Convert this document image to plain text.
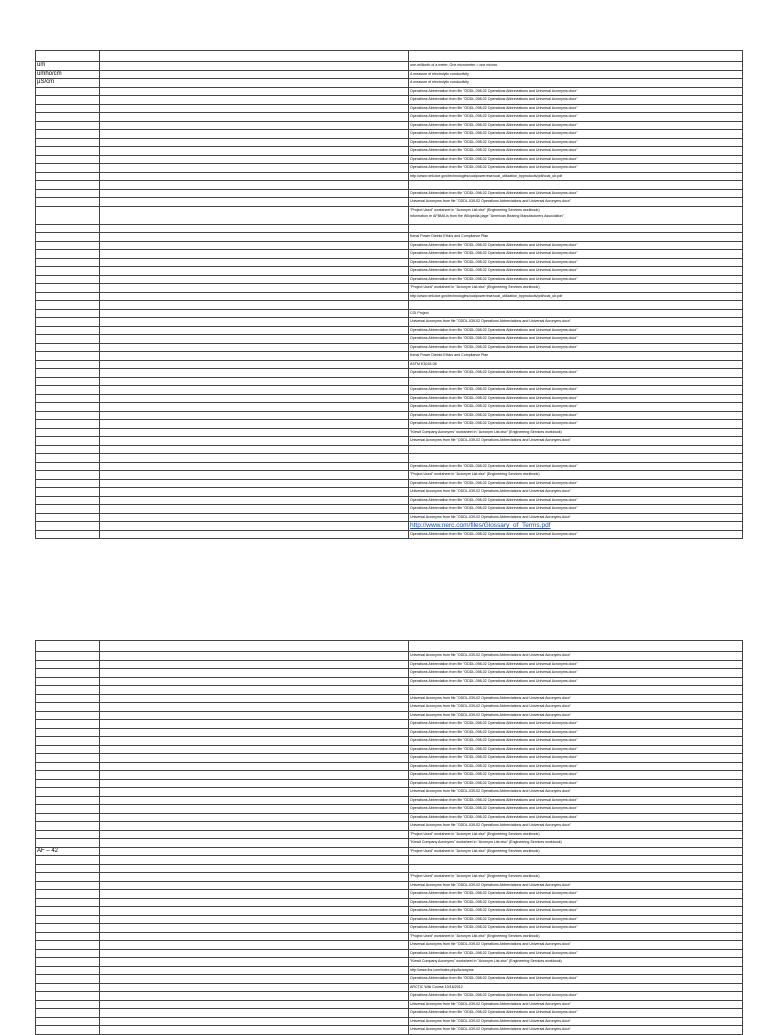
um		one-millionth of a meter; One micrometer = one micron.
umho/cm		A measure of electrolytic conductivity
µS/cm		A measure of electrolytic conductivity
		Operations Abbreviation from file "ODDL-098-02 Operations Abbreviations and Universal Acronyms.docx"
		Operations Abbreviation from file "ODDL-098-02 Operations Abbreviations and Universal Acronyms.docx"
		Operations Abbreviation from file "ODDL-098-02 Operations Abbreviations and Universal Acronyms.docx"
		Operations Abbreviation from file "ODDL-098-02 Operations Abbreviations and Universal Acronyms.docx"
		Operations Abbreviation from file "ODDL-098-02 Operations Abbreviations and Universal Acronyms.docx"
		Operations Abbreviation from file "ODDL-098-02 Operations Abbreviations and Universal Acronyms.docx"
		Operations Abbreviation from file "ODDL-098-02 Operations Abbreviations and Universal Acronyms.docx"
		Operations Abbreviation from file "ODDL-098-02 Operations Abbreviations and Universal Acronyms.docx"
		Operations Abbreviation from file "ODDL-098-02 Operations Abbreviations and Universal Acronyms.docx"
		Operations Abbreviation from file "ODDL-098-02 Operations Abbreviations and Universal Acronyms.docx"
		http://www.netl.doe.gov/technologies/coalpower/ewr/coal_utilization_byproducts/pdf/coal_ub.pdf

		Operations Abbreviation from file "ODDL-098-02 Operations Abbreviations and Universal Acronyms.docx"
		Universal Acronyms from file "ODDL-039-02 Operations Abbreviations and Universal Acronyms.docx"

		"Project Used" worksheet in "Acronym List.xlsx" (Engineering Services workbook)
Information re AFBMA is from the Wikipedia page "American Bearing Manufacturers Association"

		Kenai Power District Ethics and Compliance Plan
		Operations Abbreviation from file "ODDL-098-02 Operations Abbreviations and Universal Acronyms.docx"
		Operations Abbreviation from file "ODDL-098-02 Operations Abbreviations and Universal Acronyms.docx"
		Operations Abbreviation from file "ODDL-098-02 Operations Abbreviations and Universal Acronyms.docx"
		Operations Abbreviation from file "ODDL-098-02 Operations Abbreviations and Universal Acronyms.docx"
		Operations Abbreviation from file "ODDL-098-02 Operations Abbreviations and Universal Acronyms.docx"
		"Project Used" worksheet in "Acronym List.xlsx" (Engineering Services workbook)
		http://www.netl.doe.gov/technologies/coalpower/ewr/coal_utilization_byproducts/pdf/coal_ub.pdf

		CGI Project
		Universal Acronyms from file "ODDL-039-02 Operations Abbreviations and Universal Acronyms.docx"
		Operations Abbreviation from file "ODDL-098-02 Operations Abbreviations and Universal Acronyms.docx"
		Operations Abbreviation from file "ODDL-098-02 Operations Abbreviations and Universal Acronyms.docx"
		Operations Abbreviation from file "ODDL-098-02 Operations Abbreviations and Universal Acronyms.docx"
		Kenai Power District Ethics and Compliance Plan
		ASTM E3018-08
		Operations Abbreviation from file "ODDL-098-02 Operations Abbreviations and Universal Acronyms.docx"

		Operations Abbreviation from file "ODDL-098-02 Operations Abbreviations and Universal Acronyms.docx"
		Operations Abbreviation from file "ODDL-098-02 Operations Abbreviations and Universal Acronyms.docx"
		Operations Abbreviation from file "ODDL-098-02 Operations Abbreviations and Universal Acronyms.docx"
		Operations Abbreviation from file "ODDL-098-02 Operations Abbreviations and Universal Acronyms.docx"
		Operations Abbreviation from file "ODDL-098-02 Operations Abbreviations and Universal Acronyms.docx"
		"Kiewit Company Acronyms" worksheet in "Acronym List.xlsx" (Engineering Services workbook)
		Universal Acronyms from file "ODDL-039-02 Operations Abbreviations and Universal Acronyms.docx"

		Operations Abbreviation from file "ODDL-098-02 Operations Abbreviations and Universal Acronyms.docx"
		"Project Used" worksheet in "Acronym List.xlsx" (Engineering Services workbook)
		Operations Abbreviation from file "ODDL-098-02 Operations Abbreviations and Universal Acronyms.docx"
		Universal Acronyms from file "ODDL-039-02 Operations Abbreviations and Universal Acronyms.docx"
		Operations Abbreviation from file "ODDL-098-02 Operations Abbreviations and Universal Acronyms.docx"
		Operations Abbreviation from file "ODDL-098-02 Operations Abbreviations and Universal Acronyms.docx"
		Universal Acronyms from file "ODDL-039-02 Operations Abbreviations and Universal Acronyms.docx"
		http://www.nerc.com/files/Glossary_of_Terms.pdf
		Operations Abbreviation from file "ODDL-098-02 Operations Abbreviations and Universal Acronyms.docx"

		Universal Acronyms from file "ODDL-039-02 Operations Abbreviations and Universal Acronyms.docx"
		Operations Abbreviation from file "ODDL-098-02 Operations Abbreviations and Universal Acronyms.docx"
		Operations Abbreviation from file "ODDL-098-02 Operations Abbreviations and Universal Acronyms.docx"
		Operations Abbreviation from file "ODDL-098-02 Operations Abbreviations and Universal Acronyms.docx"

		Universal Acronyms from file "ODDL-039-02 Operations Abbreviations and Universal Acronyms.docx"
		Universal Acronyms from file "ODDL-039-02 Operations Abbreviations and Universal Acronyms.docx"
		Universal Acronyms from file "ODDL-039-02 Operations Abbreviations and Universal Acronyms.docx"
		Operations Abbreviation from file "ODDL-098-02 Operations Abbreviations and Universal Acronyms.docx"
		Operations Abbreviation from file "ODDL-098-02 Operations Abbreviations and Universal Acronyms.docx"
		Operations Abbreviation from file "ODDL-098-02 Operations Abbreviations and Universal Acronyms.docx"
		Operations Abbreviation from file "ODDL-098-02 Operations Abbreviations and Universal Acronyms.docx"
		Operations Abbreviation from file "ODDL-098-02 Operations Abbreviations and Universal Acronyms.docx"
		Operations Abbreviation from file "ODDL-098-02 Operations Abbreviations and Universal Acronyms.docx"
		Operations Abbreviation from file "ODDL-098-02 Operations Abbreviations and Universal Acronyms.docx"
		Operations Abbreviation from file "ODDL-098-02 Operations Abbreviations and Universal Acronyms.docx"
		Universal Acronyms from file "ODDL-039-02 Operations Abbreviations and Universal Acronyms.docx"
		Operations Abbreviation from file "ODDL-098-02 Operations Abbreviations and Universal Acronyms.docx"
		Operations Abbreviation from file "ODDL-098-02 Operations Abbreviations and Universal Acronyms.docx"
		Operations Abbreviation from file "ODDL-098-02 Operations Abbreviations and Universal Acronyms.docx"
		Universal Acronyms from file "ODDL-039-02 Operations Abbreviations and Universal Acronyms.docx"
		"Project Used" worksheet in "Acronym List.xlsx" (Engineering Services workbook)
		"Kiewit Company Acronyms" worksheet in "Acronym List.xlsx" (Engineering Services workbook)
AF – 42		"Project Used" worksheet in "Acronym List.xlsx" (Engineering Services workbook)

		"Project Used" worksheet in "Acronym List.xlsx" (Engineering Services workbook)
		Universal Acronyms from file "ODDL-039-02 Operations Abbreviations and Universal Acronyms.docx"
		Operations Abbreviation from file "ODDL-098-02 Operations Abbreviations and Universal Acronyms.docx"
		Operations Abbreviation from file "ODDL-098-02 Operations Abbreviations and Universal Acronyms.docx"
		Operations Abbreviation from file "ODDL-098-02 Operations Abbreviations and Universal Acronyms.docx"
		Operations Abbreviation from file "ODDL-098-02 Operations Abbreviations and Universal Acronyms.docx"
		Operations Abbreviation from file "ODDL-098-02 Operations Abbreviations and Universal Acronyms.docx"
		"Project Used" worksheet in "Acronym List.xlsx" (Engineering Services workbook)
		Universal Acronyms from file "ODDL-039-02 Operations Abbreviations and Universal Acronyms.docx"
		Operations Abbreviation from file "ODDL-098-02 Operations Abbreviations and Universal Acronyms.docx"
		"Kiewit Company Acronyms" worksheet in "Acronym List.xlsx" (Engineering Services workbook)
		http://www.ihs.com/index.php/Acronyms
		Operations Abbreviation from file "ODDL-098-02 Operations Abbreviations and Universal Acronyms.docx"
		ARCTIC Wiki Course 10/16/2012
		Operations Abbreviation from file "ODDL-098-02 Operations Abbreviations and Universal Acronyms.docx"
		Universal Acronyms from file "ODDL-039-02 Operations Abbreviations and Universal Acronyms.docx"
		Operations Abbreviation from file "ODDL-098-02 Operations Abbreviations and Universal Acronyms.docx"
		Universal Acronyms from file "ODDL-039-02 Operations Abbreviations and Universal Acronyms.docx"
		Universal Acronyms from file "ODDL-039-02 Operations Abbreviations and Universal Acronyms.docx"
